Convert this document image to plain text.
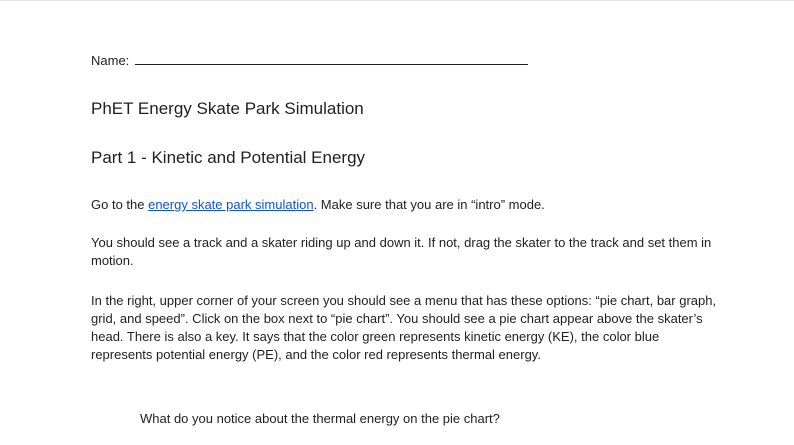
Name:
PhET Energy Skate Park Simulation
Part 1 - Kinetic and Potential Energy
Go to the energy skate park simulation. Make sure that you are in “intro” mode.
You should see a track and a skater riding up and down it. If not, drag the skater to the track and set them in motion.
In the right, upper corner of your screen you should see a menu that has these options: “pie chart, bar graph, grid, and speed”. Click on the box next to “pie chart”. You should see a pie chart appear above the skater’s head. There is also a key. It says that the color green represents kinetic energy (KE), the color blue represents potential energy (PE), and the color red represents thermal energy.
What do you notice about the thermal energy on the pie chart?
